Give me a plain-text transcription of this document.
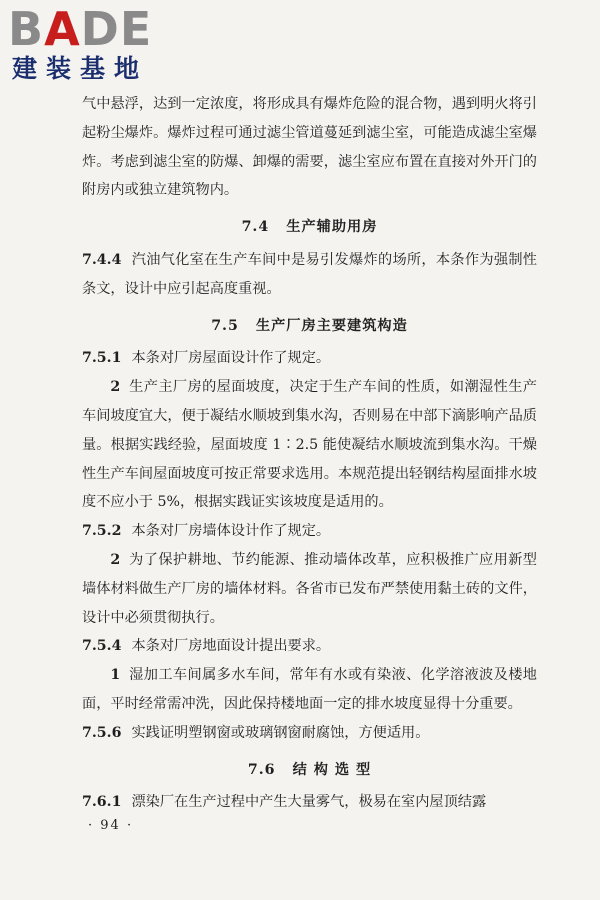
BADE
建装基地

气中悬浮，达到一定浓度，将形成具有爆炸危险的混合物，遇到明火将引起粉尘爆炸。爆炸过程可通过滤尘管道蔓延到滤尘室，可能造成滤尘室爆炸。考虑到滤尘室的防爆、卸爆的需要，滤尘室应布置在直接对外开门的附房内或独立建筑物内。

7.4 生产辅助用房

7.4.4 汽油气化室在生产车间中是易引发爆炸的场所，本条作为强制性条文，设计中应引起高度重视。

7.5 生产厂房主要建筑构造

7.5.1 本条对厂房屋面设计作了规定。

2 生产主厂房的屋面坡度，决定于生产车间的性质，如潮湿性生产车间坡度宜大，便于凝结水顺坡到集水沟，否则易在中部下滴影响产品质量。根据实践经验，屋面坡度 1∶2.5 能使凝结水顺坡流到集水沟。干燥性生产车间屋面坡度可按正常要求选用。本规范提出轻钢结构屋面排水坡度不应小于 5%，根据实践证实该坡度是适用的。

7.5.2 本条对厂房墙体设计作了规定。

2 为了保护耕地、节约能源、推动墙体改革，应积极推广应用新型墙体材料做生产厂房的墙体材料。各省市已发布严禁使用黏土砖的文件，设计中必须贯彻执行。

7.5.4 本条对厂房地面设计提出要求。

1 湿加工车间属多水车间，常年有水或有染液、化学溶液波及楼地面，平时经常需冲洗，因此保持楼地面一定的排水坡度显得十分重要。

7.5.6 实践证明塑钢窗或玻璃钢窗耐腐蚀，方便适用。

7.6 结 构 选 型

7.6.1 漂染厂在生产过程中产生大量雾气，极易在室内屋顶结露

· 94 ·
